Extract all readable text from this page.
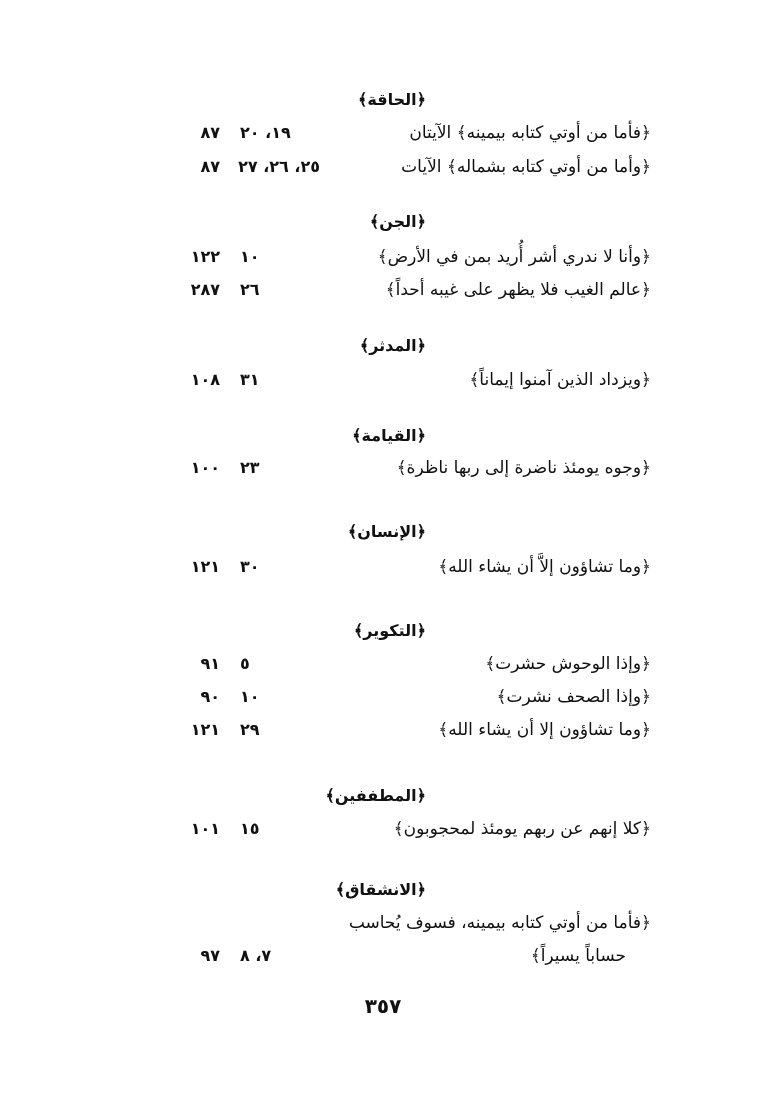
﴿الحاقة﴾
﴿فأما من أوتي كتابه بيمينه﴾ الآيتان
١٩، ٢٠
٨٧
﴿وأما من أوتي كتابه بشماله﴾ الآيات
٢٥، ٢٦، ٢٧
٨٧
﴿الجن﴾
﴿وأنا لا ندري أشر أُريد بمن في الأرض﴾
١٠
١٢٢
﴿عالم الغيب فلا يظهر على غيبه أحداً﴾
٢٦
٢٨٧
﴿المدثر﴾
﴿ويزداد الذين آمنوا إيماناً﴾
٣١
١٠٨
﴿القيامة﴾
﴿وجوه يومئذ ناضرة إلى ربها ناظرة﴾
٢٣
١٠٠
﴿الإنسان﴾
﴿وما تشاؤون إلاَّ أن يشاء الله﴾
٣٠
١٢١
﴿التكوير﴾
﴿وإذا الوحوش حشرت﴾
٥
٩١
﴿وإذا الصحف نشرت﴾
١٠
٩٠
﴿وما تشاؤون إلا أن يشاء الله﴾
٢٩
١٢١
﴿المطففين﴾
﴿كلا إنهم عن ربهم يومئذ لمحجوبون﴾
١٥
١٠١
﴿الانشقاق﴾
﴿فأما من أوتي كتابه بيمينه، فسوف يُحاسب
حساباً يسيراً﴾
٧، ٨
٩٧
٣٥٧
